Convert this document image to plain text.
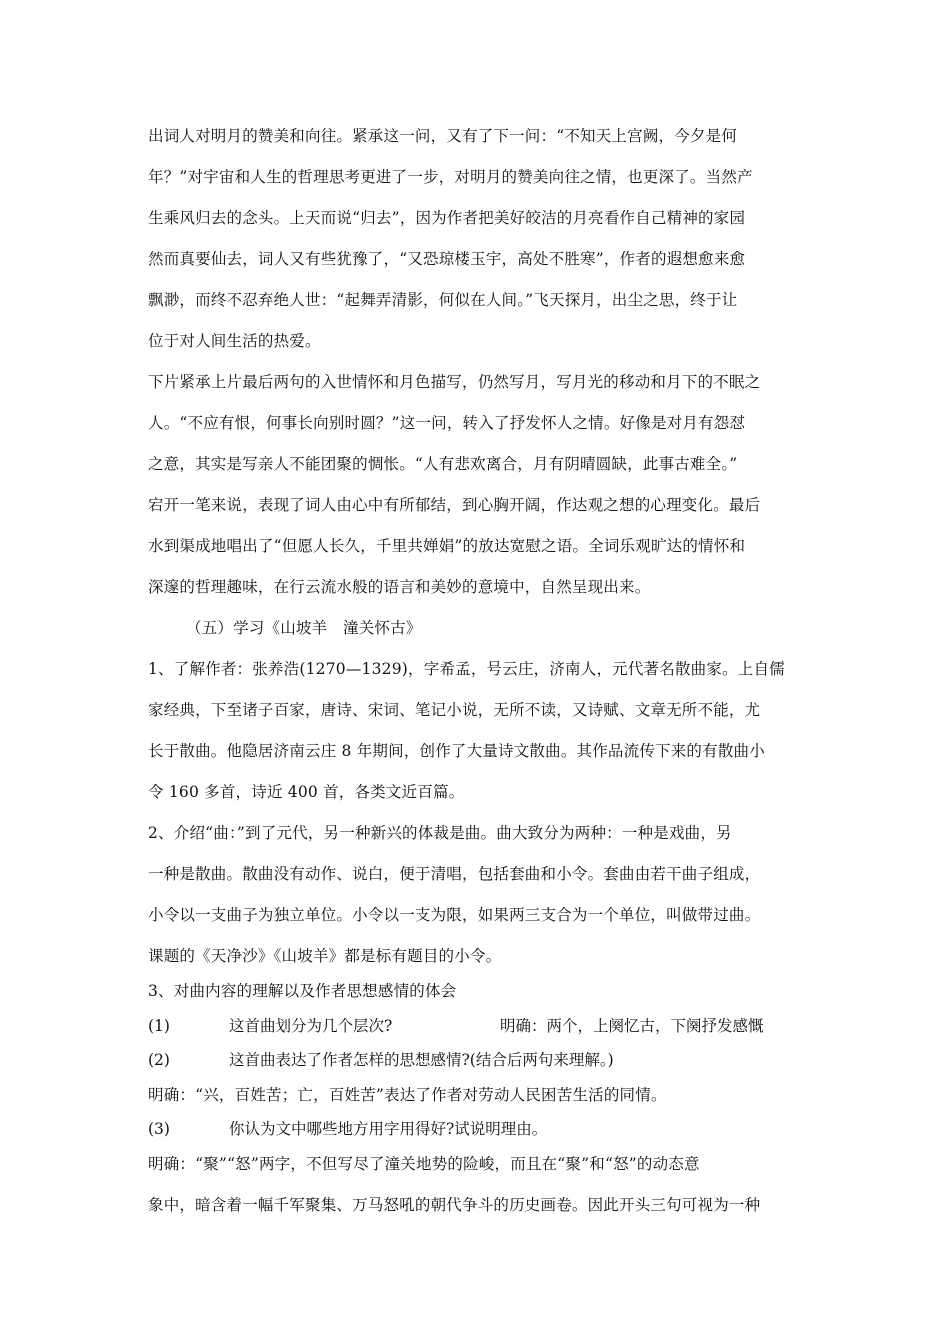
出词人对明月的赞美和向往。紧承这一问，又有了下一问：“不知天上宫阙，今夕是何
年？”对宇宙和人生的哲理思考更进了一步，对明月的赞美向往之情，也更深了。当然产
生乘风归去的念头。上天而说“归去”，因为作者把美好皎洁的月亮看作自己精神的家园
然而真要仙去，词人又有些犹豫了，“又恐琼楼玉宇，高处不胜寒”，作者的遐想愈来愈
飘渺，而终不忍弃绝人世：“起舞弄清影，何似在人间。”飞天探月，出尘之思，终于让
位于对人间生活的热爱。
下片紧承上片最后两句的入世情怀和月色描写，仍然写月，写月光的移动和月下的不眠之
人。“不应有恨，何事长向别时圆？”这一问，转入了抒发怀人之情。好像是对月有怨怼
之意，其实是写亲人不能团聚的惆怅。“人有悲欢离合，月有阴晴圆缺，此事古难全。”
宕开一笔来说，表现了词人由心中有所郁结，到心胸开阔，作达观之想的心理变化。最后
水到渠成地唱出了“但愿人长久，千里共婵娟”的放达宽慰之语。全词乐观旷达的情怀和
深邃的哲理趣味，在行云流水般的语言和美妙的意境中，自然呈现出来。
（五）学习《山坡羊　潼关怀古》
1、了解作者：张养浩(1270—1329)，字希孟，号云庄，济南人，元代著名散曲家。上自儒
家经典，下至诸子百家，唐诗、宋词、笔记小说，无所不读，又诗赋、文章无所不能，尤
长于散曲。他隐居济南云庄 8 年期间，创作了大量诗文散曲。其作品流传下来的有散曲小
令 160 多首，诗近 400 首，各类文近百篇。
2、介绍“曲：”到了元代，另一种新兴的体裁是曲。曲大致分为两种：一种是戏曲，另
一种是散曲。散曲没有动作、说白，便于清唱，包括套曲和小令。套曲由若干曲子组成，
小令以一支曲子为独立单位。小令以一支为限，如果两三支合为一个单位，叫做带过曲。
课题的《天净沙》《山坡羊》都是标有题目的小令。
3、对曲内容的理解以及作者思想感情的体会
(1)	这首曲划分为几个层次?	明确：两个，上阕忆古，下阕抒发感慨
(2)	这首曲表达了作者怎样的思想感情?(结合后两句来理解。)
明确：“兴，百姓苦；亡，百姓苦”表达了作者对劳动人民困苦生活的同情。
(3)	你认为文中哪些地方用字用得好?试说明理由。
明确：“聚”“怒”两字，不但写尽了潼关地势的险峻，而且在“聚”和“怒”的动态意
象中，暗含着一幅千军聚集、万马怒吼的朝代争斗的历史画卷。因此开头三句可视为一种
